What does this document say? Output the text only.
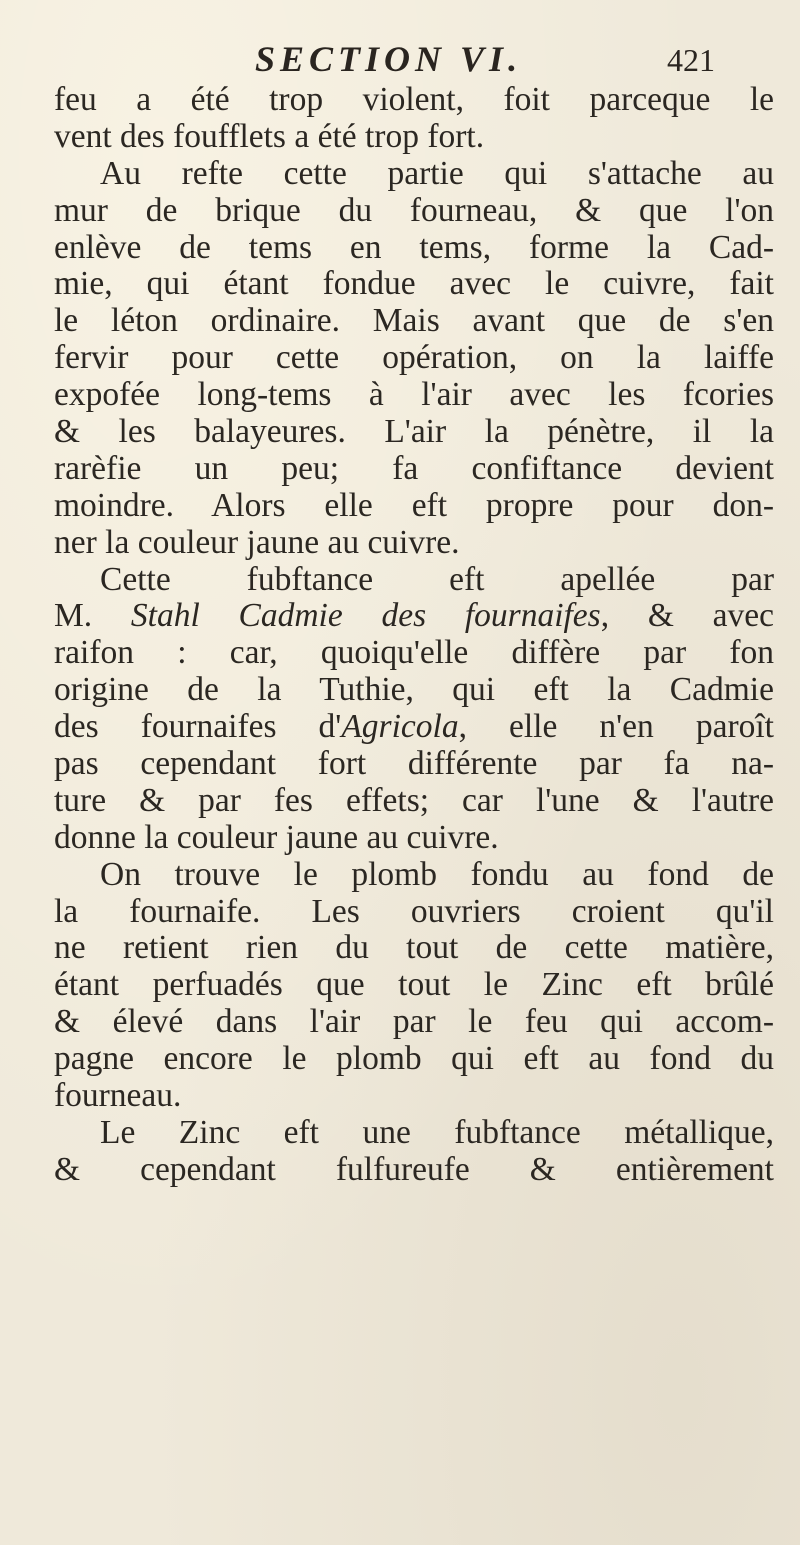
SECTION VI.	421
feu a été trop violent, foit parceque le
vent des foufflets a été trop fort.
Au refte cette partie qui s'attache au
mur de brique du fourneau, & que l'on
enlève de tems en tems, forme la Cad-
mie, qui étant fondue avec le cuivre, fait
le léton ordinaire. Mais avant que de s'en
fervir pour cette opération, on la laiffe
expofée long-tems à l'air avec les fcories
& les balayeures. L'air la pénètre, il la
rarèfie un peu; fa confiftance devient
moindre. Alors elle eft propre pour don-
ner la couleur jaune au cuivre.
Cette fubftance eft apellée par
M. Stahl Cadmie des fournaifes, & avec
raifon : car, quoiqu'elle diffère par fon
origine de la Tuthie, qui eft la Cadmie
des fournaifes d'Agricola, elle n'en paroît
pas cependant fort différente par fa na-
ture & par fes effets; car l'une & l'autre
donne la couleur jaune au cuivre.
On trouve le plomb fondu au fond de
la fournaife. Les ouvriers croient qu'il
ne retient rien du tout de cette matière,
étant perfuadés que tout le Zinc eft brûlé
& élevé dans l'air par le feu qui accom-
pagne encore le plomb qui eft au fond du
fourneau.
Le Zinc eft une fubftance métallique,
& cependant fulfureufe & entièrement
